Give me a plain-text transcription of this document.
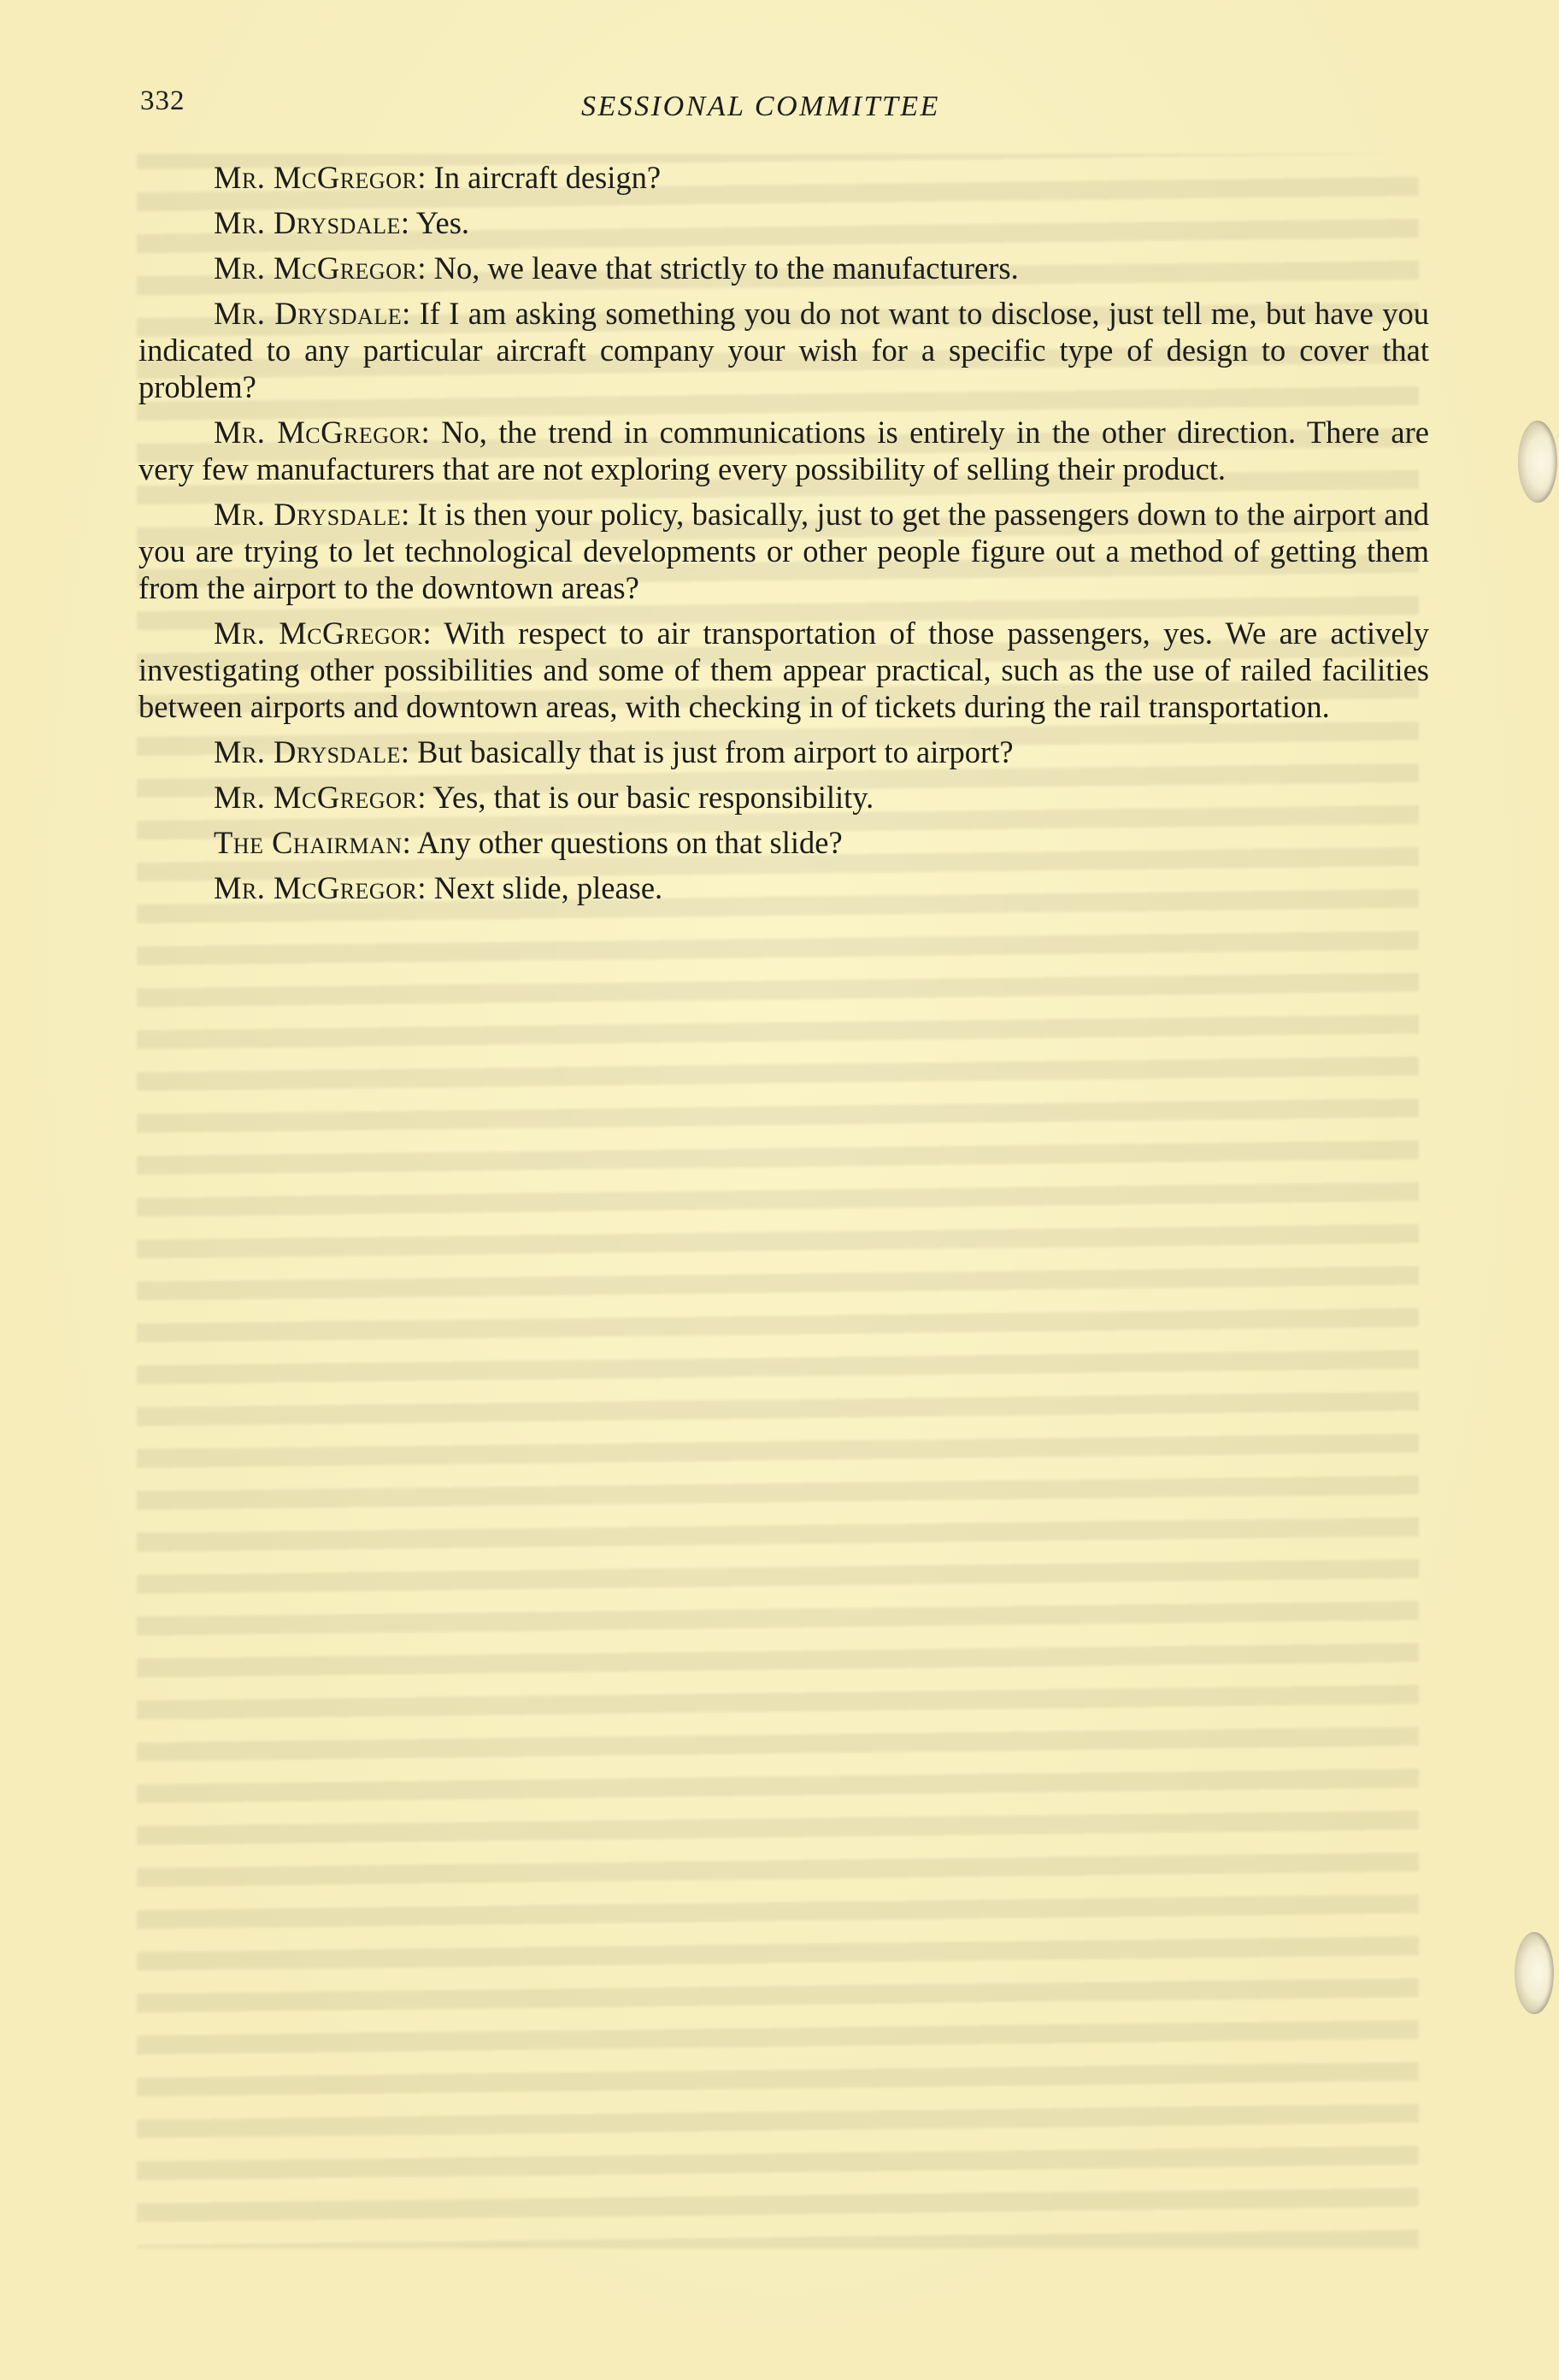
332	SESSIONAL COMMITTEE

Mr. McGregor: In aircraft design?

Mr. Drysdale: Yes.

Mr. McGregor: No, we leave that strictly to the manufacturers.

Mr. Drysdale: If I am asking something you do not want to disclose, just tell me, but have you indicated to any particular aircraft company your wish for a specific type of design to cover that problem?

Mr. McGregor: No, the trend in communications is entirely in the other direction. There are very few manufacturers that are not exploring every possibility of selling their product.

Mr. Drysdale: It is then your policy, basically, just to get the passengers down to the airport and you are trying to let technological developments or other people figure out a method of getting them from the airport to the downtown areas?

Mr. McGregor: With respect to air transportation of those passengers, yes. We are actively investigating other possibilities and some of them appear practical, such as the use of railed facilities between airports and downtown areas, with checking in of tickets during the rail transportation.

Mr. Drysdale: But basically that is just from airport to airport?

Mr. McGregor: Yes, that is our basic responsibility.

The Chairman: Any other questions on that slide?

Mr. McGregor: Next slide, please.
